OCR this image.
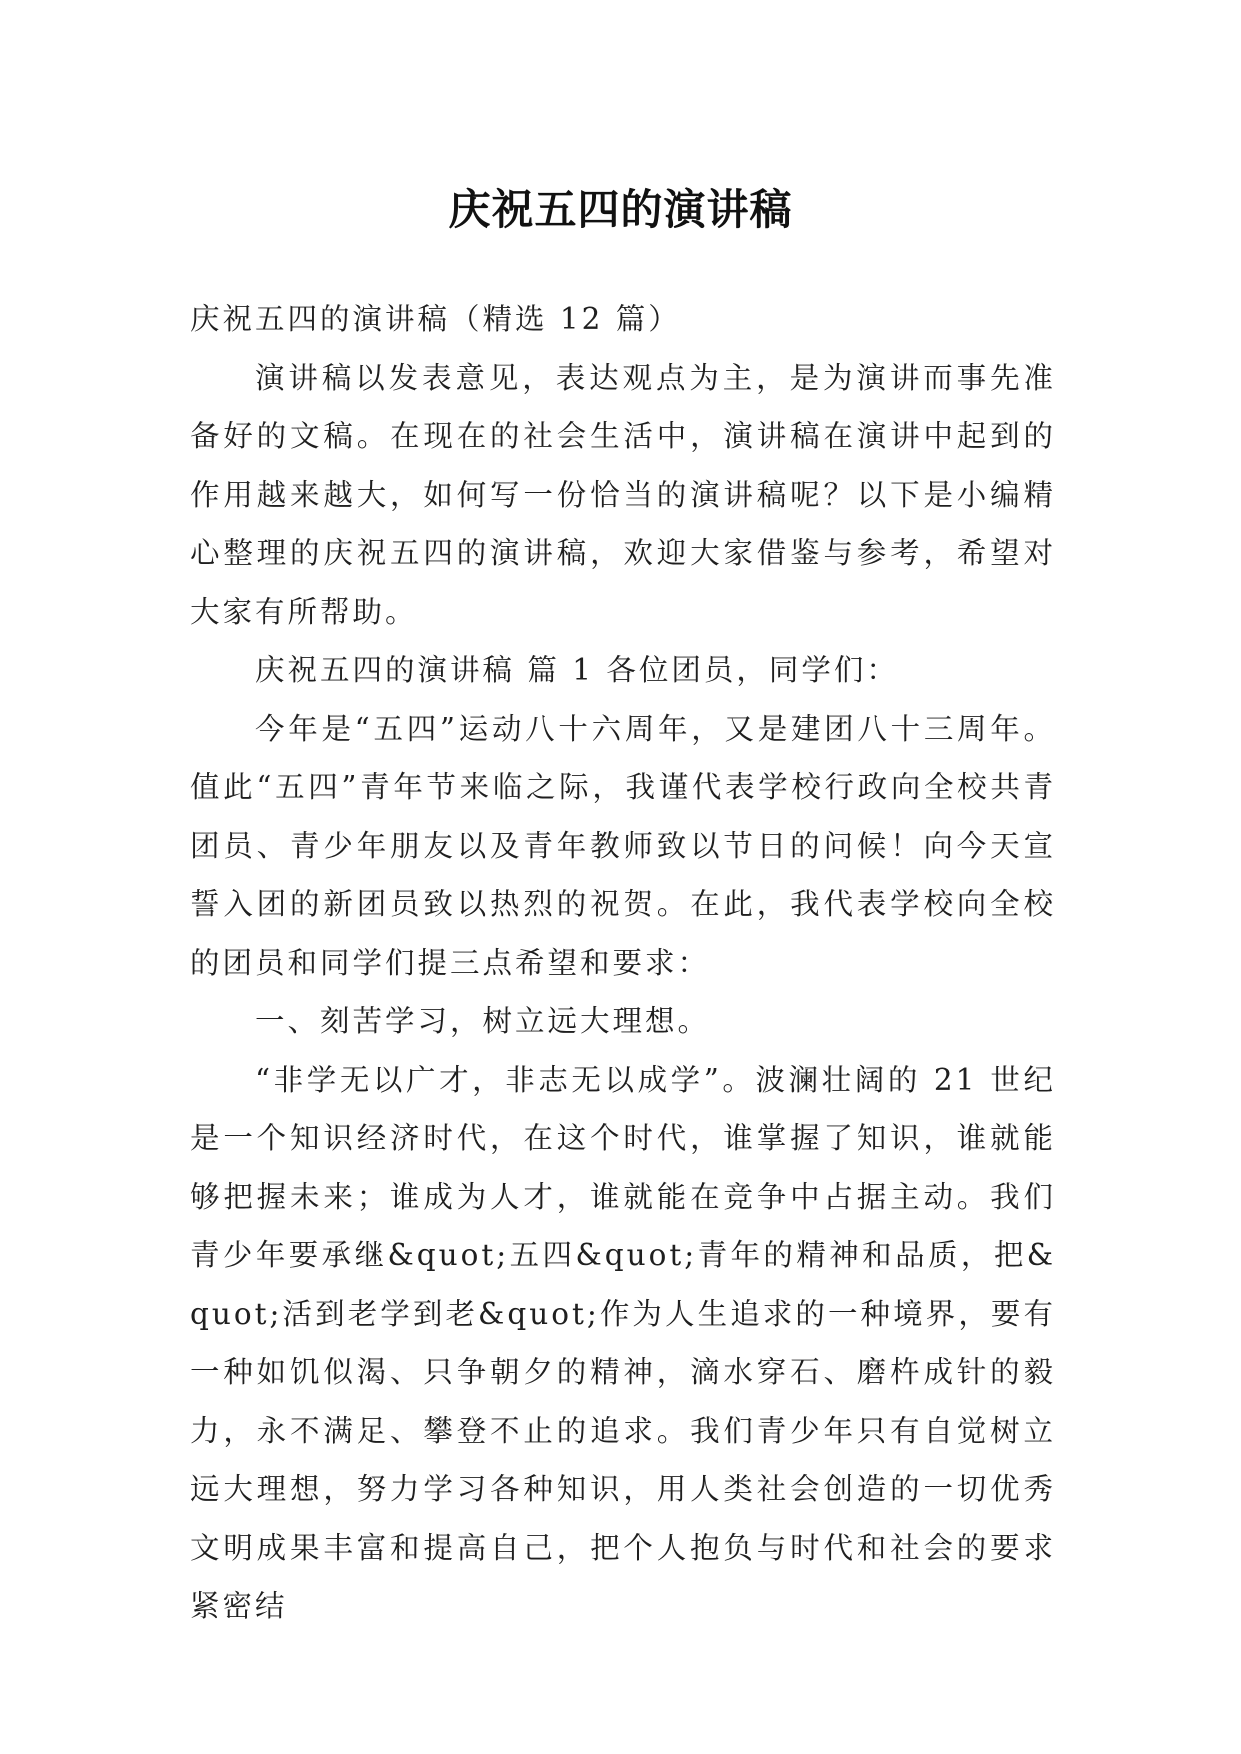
庆祝五四的演讲稿

庆祝五四的演讲稿（精选 12 篇）

演讲稿以发表意见，表达观点为主，是为演讲而事先准备好的文稿。在现在的社会生活中，演讲稿在演讲中起到的作用越来越大，如何写一份恰当的演讲稿呢？以下是小编精心整理的庆祝五四的演讲稿，欢迎大家借鉴与参考，希望对大家有所帮助。

庆祝五四的演讲稿 篇 1 各位团员，同学们：

今年是“五四”运动八十六周年，又是建团八十三周年。值此“五四”青年节来临之际，我谨代表学校行政向全校共青团员、青少年朋友以及青年教师致以节日的问候！向今天宣誓入团的新团员致以热烈的祝贺。在此，我代表学校向全校的团员和同学们提三点希望和要求：

一、刻苦学习，树立远大理想。

“非学无以广才，非志无以成学”。波澜壮阔的 21 世纪是一个知识经济时代，在这个时代，谁掌握了知识，谁就能够把握未来；谁成为人才，谁就能在竞争中占据主动。我们青少年要承继&quot;五四&quot;青年的精神和品质，把&quot;活到老学到老&quot;作为人生追求的一种境界，要有一种如饥似渴、只争朝夕的精神，滴水穿石、磨杵成针的毅力，永不满足、攀登不止的追求。我们青少年只有自觉树立远大理想，努力学习各种知识，用人类社会创造的一切优秀文明成果丰富和提高自己，把个人抱负与时代和社会的要求紧密结
